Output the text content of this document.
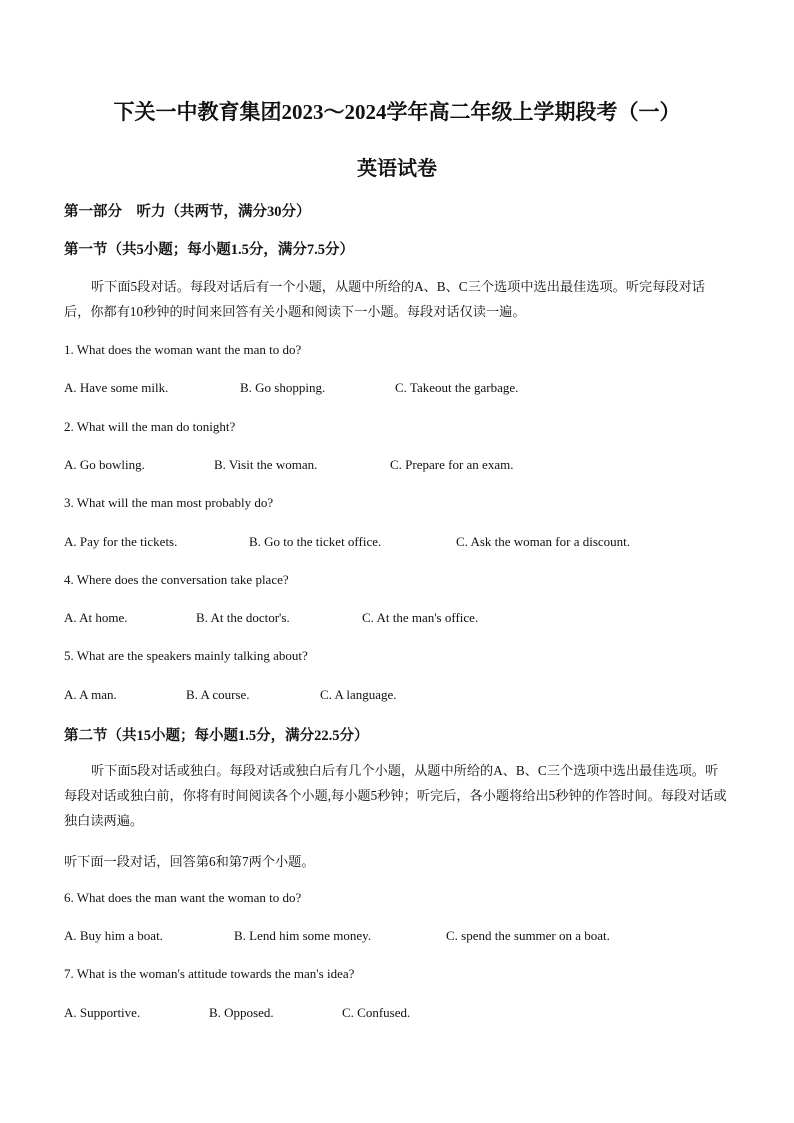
下关一中教育集团2023～2024学年高二年级上学期段考（一）
英语试卷
第一部分　听力（共两节，满分30分）
第一节（共5小题；每小题1.5分，满分7.5分）
听下面5段对话。每段对话后有一个小题，从题中所给的A、B、C三个选项中选出最佳选项。听完每段对话后，你都有10秒钟的时间来回答有关小题和阅读下一小题。每段对话仅读一遍。
1. What does the woman want the man to do?
A. Have some milk.	B. Go shopping.	C. Takeout the garbage.
2. What will the man do tonight?
A. Go bowling.	B. Visit the woman.	C. Prepare for an exam.
3. What will the man most probably do?
A. Pay for the tickets.	B. Go to the ticket office.	C. Ask the woman for a discount.
4. Where does the conversation take place?
A. At home.	B. At the doctor's.	C. At the man's office.
5. What are the speakers mainly talking about?
A. A man.	B. A course.	C. A language.
第二节（共15小题；每小题1.5分，满分22.5分）
听下面5段对话或独白。每段对话或独白后有几个小题，从题中所给的A、B、C三个选项中选出最佳选项。听每段对话或独白前，你将有时间阅读各个小题,每小题5秒钟；听完后，各小题将给出5秒钟的作答时间。每段对话或独白读两遍。
听下面一段对话，回答第6和第7两个小题。
6. What does the man want the woman to do?
A. Buy him a boat.	B. Lend him some money.	C. spend the summer on a boat.
7. What is the woman's attitude towards the man's idea?
A. Supportive.	B. Opposed.	C. Confused.
